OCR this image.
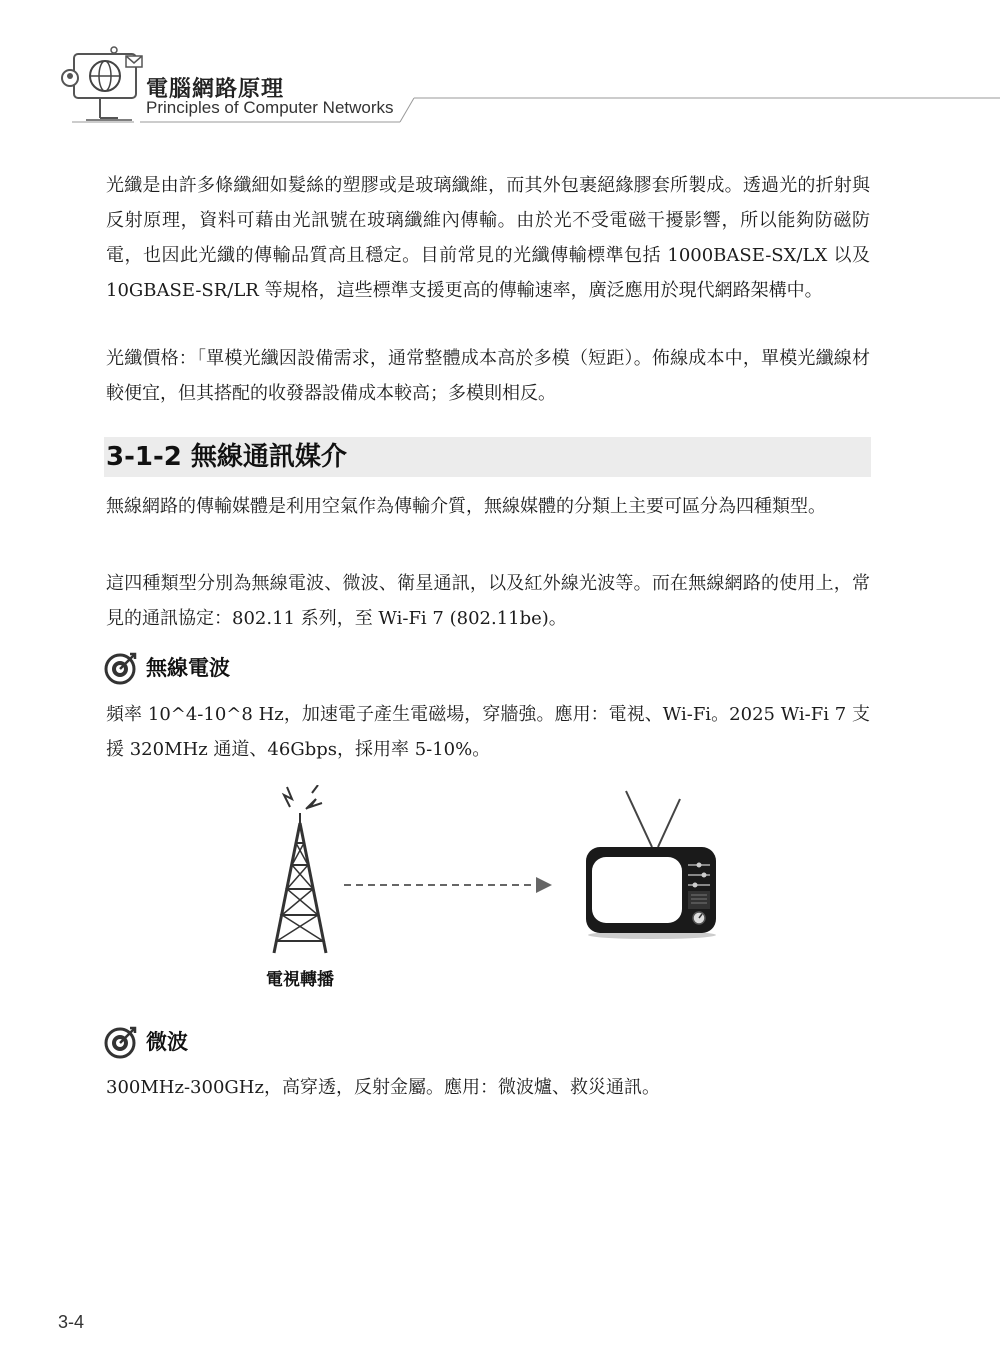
電腦網路原理
Principles of Computer Networks

光纖是由許多條纖細如髮絲的塑膠或是玻璃纖維，而其外包裹絕緣膠套所製成。透過光的折射與反射原理，資料可藉由光訊號在玻璃纖維內傳輸。由於光不受電磁干擾影響，所以能夠防磁防電，也因此光纖的傳輸品質高且穩定。目前常見的光纖傳輸標準包括 1000BASE-SX/LX 以及 10GBASE-SR/LR 等規格，這些標準支援更高的傳輸速率，廣泛應用於現代網路架構中。

光纖價格：「單模光纖因設備需求，通常整體成本高於多模（短距）。佈線成本中，單模光纖線材較便宜，但其搭配的收發器設備成本較高；多模則相反。

3-1-2 無線通訊媒介

無線網路的傳輸媒體是利用空氣作為傳輸介質，無線媒體的分類上主要可區分為四種類型。

這四種類型分別為無線電波、微波、衛星通訊，以及紅外線光波等。而在無線網路的使用上，常見的通訊協定：802.11 系列，至 Wi-Fi 7 (802.11be)。

無線電波

頻率 10^4-10^8 Hz，加速電子產生電磁場，穿牆強。應用：電視、Wi-Fi。2025 Wi-Fi 7 支援 320MHz 通道、46Gbps，採用率 5-10%。

電視轉播
微波

300MHz-300GHz，高穿透，反射金屬。應用：微波爐、救災通訊。

3-4
